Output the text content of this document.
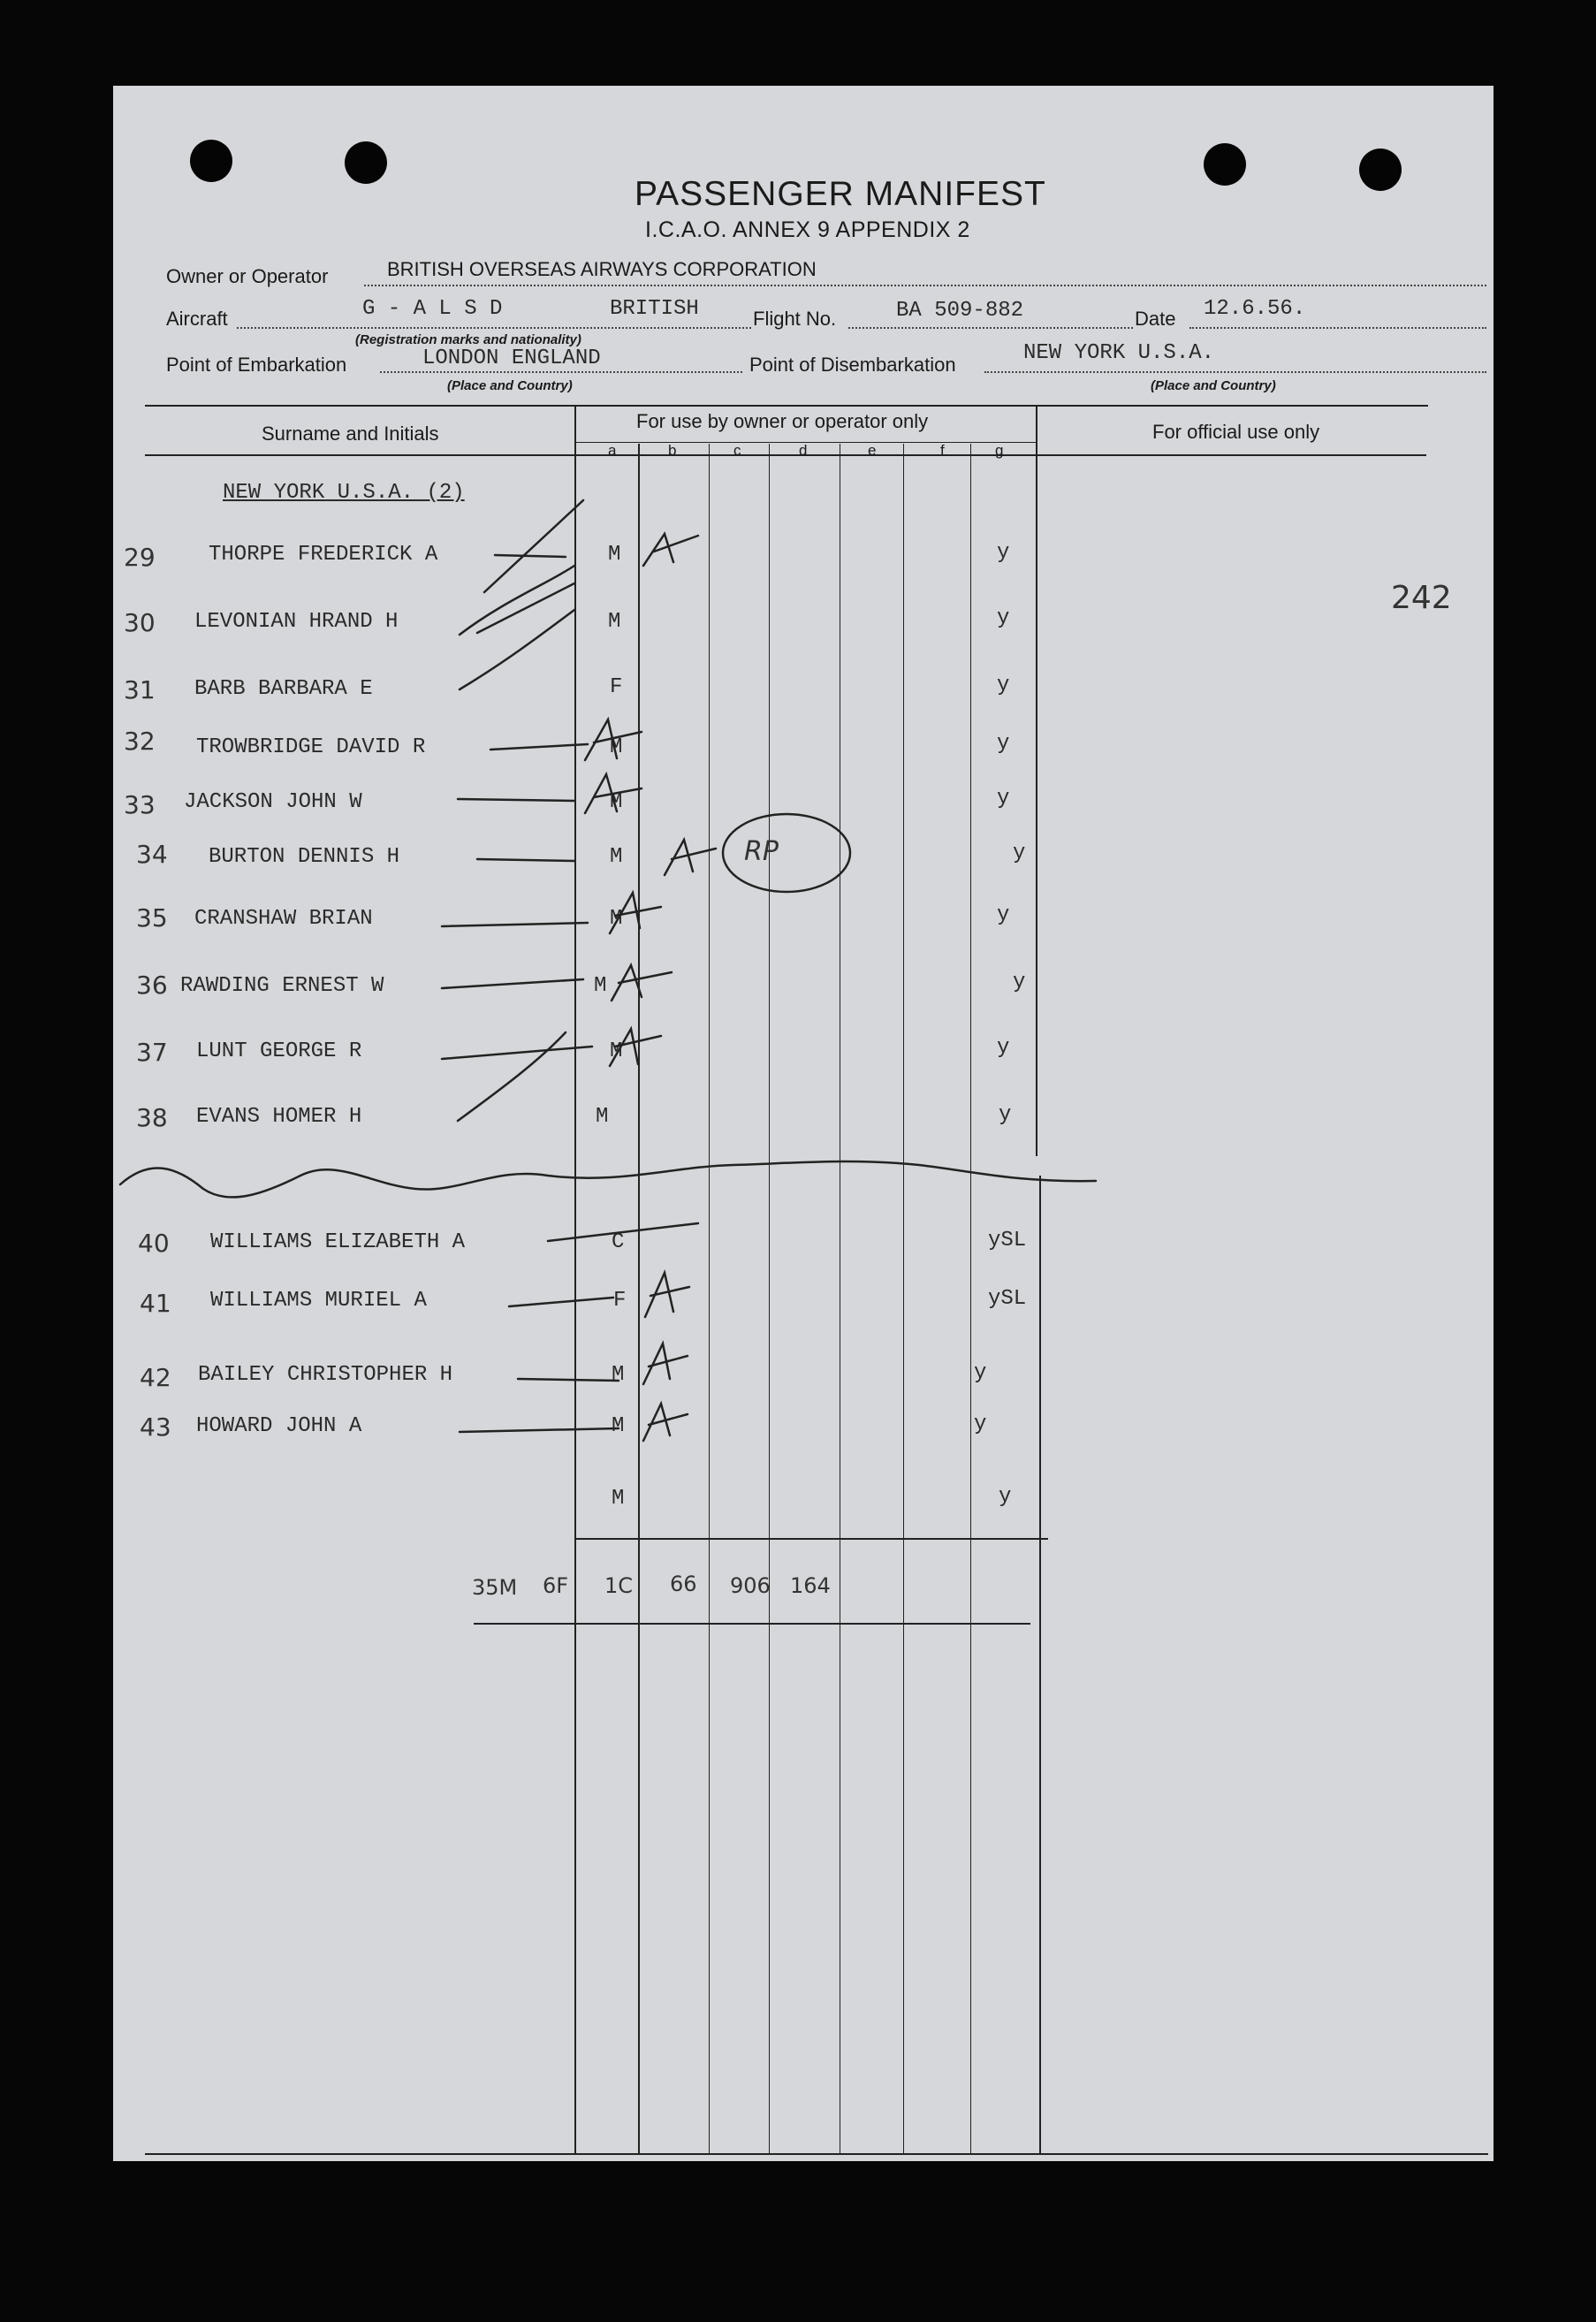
PASSENGER MANIFEST
I.C.A.O. ANNEX 9 APPENDIX 2
Owner or Operator	BRITISH OVERSEAS AIRWAYS CORPORATION
Aircraft	G - A L S D	BRITISH
(Registration marks and nationality)
Flight No.	BA 509-882	Date 12.6.56.
Point of Embarkation	LONDON ENGLAND
(Place and Country)
Point of Disembarkation	NEW YORK U.S.A.
(Place and Country)
Surname and Initials
For use by owner or operator only	For official use only
a	b	c	d	e	f	g
NEW YORK U.S.A. (2)
242
29	THORPE FREDERICK A	M	y
30 LEVONIAN HRAND H	M	y
31 BARB BARBARA E	F	y
32 TROWBRIDGE DAVID R	M	y
33 JACKSON JOHN W	M	y
34 BURTON DENNIS H	M	y
35 CRANSHAW BRIAN	M	y
36 RAWDING ERNEST W	M	y
37 LUNT GEORGE R	M	y
38 EVANS HOMER H	M	y
40 WILLIAMS ELIZABETH A	C	ySL
41 WILLIAMS MURIEL A	F	ySL
42 BAILEY CHRISTOPHER H	M	y
43 HOWARD JOHN A	M	y
M	y
35M 6F 1C 66 906 164
RP
